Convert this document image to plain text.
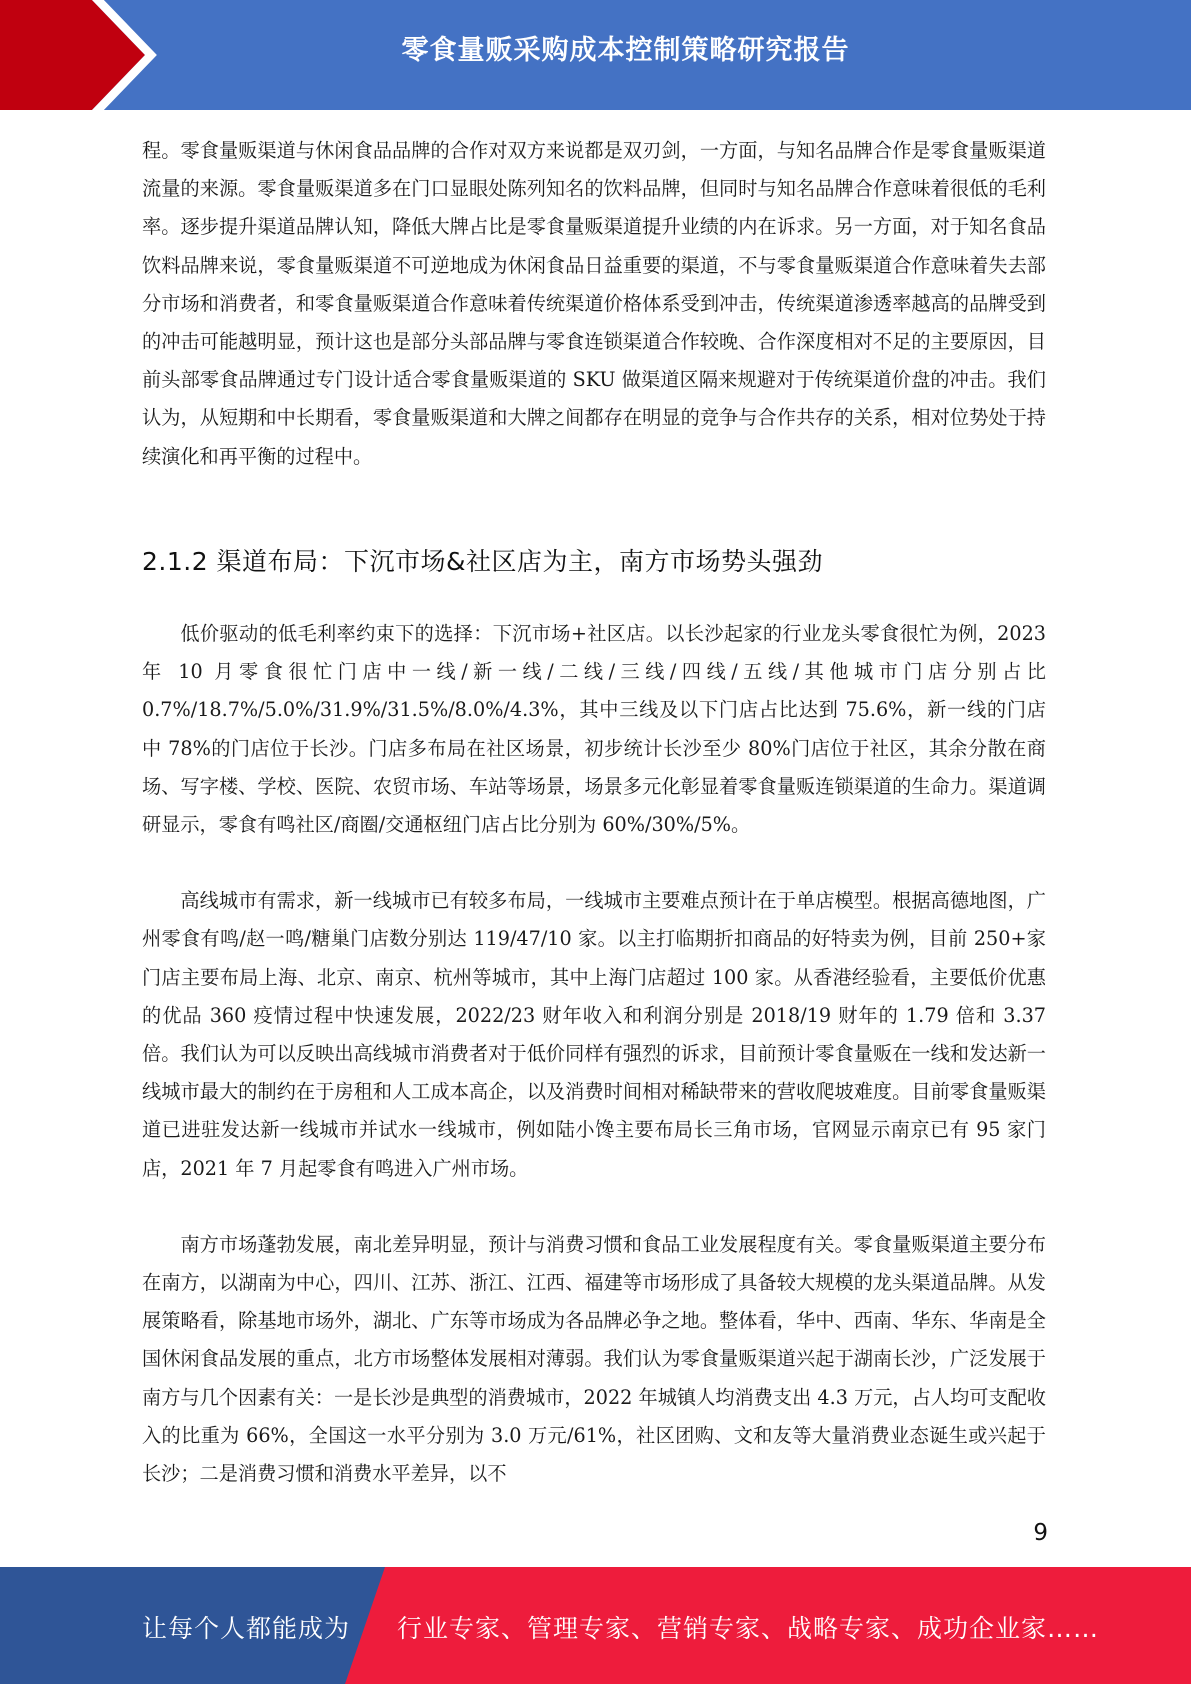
零食量贩采购成本控制策略研究报告

程。零食量贩渠道与休闲食品品牌的合作对双方来说都是双刃剑，一方面，与知名品牌合作是零食量贩渠道流量的来源。零食量贩渠道多在门口显眼处陈列知名的饮料品牌，但同时与知名品牌合作意味着很低的毛利率。逐步提升渠道品牌认知，降低大牌占比是零食量贩渠道提升业绩的内在诉求。另一方面，对于知名食品饮料品牌来说，零食量贩渠道不可逆地成为休闲食品日益重要的渠道，不与零食量贩渠道合作意味着失去部分市场和消费者，和零食量贩渠道合作意味着传统渠道价格体系受到冲击，传统渠道渗透率越高的品牌受到的冲击可能越明显，预计这也是部分头部品牌与零食连锁渠道合作较晚、合作深度相对不足的主要原因，目前头部零食品牌通过专门设计适合零食量贩渠道的 SKU 做渠道区隔来规避对于传统渠道价盘的冲击。我们认为，从短期和中长期看，零食量贩渠道和大牌之间都存在明显的竞争与合作共存的关系，相对位势处于持续演化和再平衡的过程中。

2.1.2 渠道布局：下沉市场&社区店为主，南方市场势头强劲

低价驱动的低毛利率约束下的选择：下沉市场+社区店。以长沙起家的行业龙头零食很忙为例，2023 年 10 月零食很忙门店中一线/新一线/二线/三线/四线/五线/其他城市门店分别占比 0.7%/18.7%/5.0%/31.9%/31.5%/8.0%/4.3%，其中三线及以下门店占比达到 75.6%，新一线的门店中 78%的门店位于长沙。门店多布局在社区场景，初步统计长沙至少 80%门店位于社区，其余分散在商场、写字楼、学校、医院、农贸市场、车站等场景，场景多元化彰显着零食量贩连锁渠道的生命力。渠道调研显示，零食有鸣社区/商圈/交通枢纽门店占比分别为 60%/30%/5%。

高线城市有需求，新一线城市已有较多布局，一线城市主要难点预计在于单店模型。根据高德地图，广州零食有鸣/赵一鸣/糖巢门店数分别达 119/47/10 家。以主打临期折扣商品的好特卖为例，目前 250+家门店主要布局上海、北京、南京、杭州等城市，其中上海门店超过 100 家。从香港经验看，主要低价优惠的优品 360 疫情过程中快速发展，2022/23 财年收入和利润分别是 2018/19 财年的 1.79 倍和 3.37 倍。我们认为可以反映出高线城市消费者对于低价同样有强烈的诉求，目前预计零食量贩在一线和发达新一线城市最大的制约在于房租和人工成本高企，以及消费时间相对稀缺带来的营收爬坡难度。目前零食量贩渠道已进驻发达新一线城市并试水一线城市，例如陆小馋主要布局长三角市场，官网显示南京已有 95 家门店，2021 年 7 月起零食有鸣进入广州市场。

南方市场蓬勃发展，南北差异明显，预计与消费习惯和食品工业发展程度有关。零食量贩渠道主要分布在南方，以湖南为中心，四川、江苏、浙江、江西、福建等市场形成了具备较大规模的龙头渠道品牌。从发展策略看，除基地市场外，湖北、广东等市场成为各品牌必争之地。整体看，华中、西南、华东、华南是全国休闲食品发展的重点，北方市场整体发展相对薄弱。我们认为零食量贩渠道兴起于湖南长沙，广泛发展于南方与几个因素有关：一是长沙是典型的消费城市，2022 年城镇人均消费支出 4.3 万元，占人均可支配收入的比重为 66%，全国这一水平分别为 3.0 万元/61%，社区团购、文和友等大量消费业态诞生或兴起于长沙；二是消费习惯和消费水平差异，以不

9
让每个人都能成为 行业专家、管理专家、营销专家、战略专家、成功企业家……
